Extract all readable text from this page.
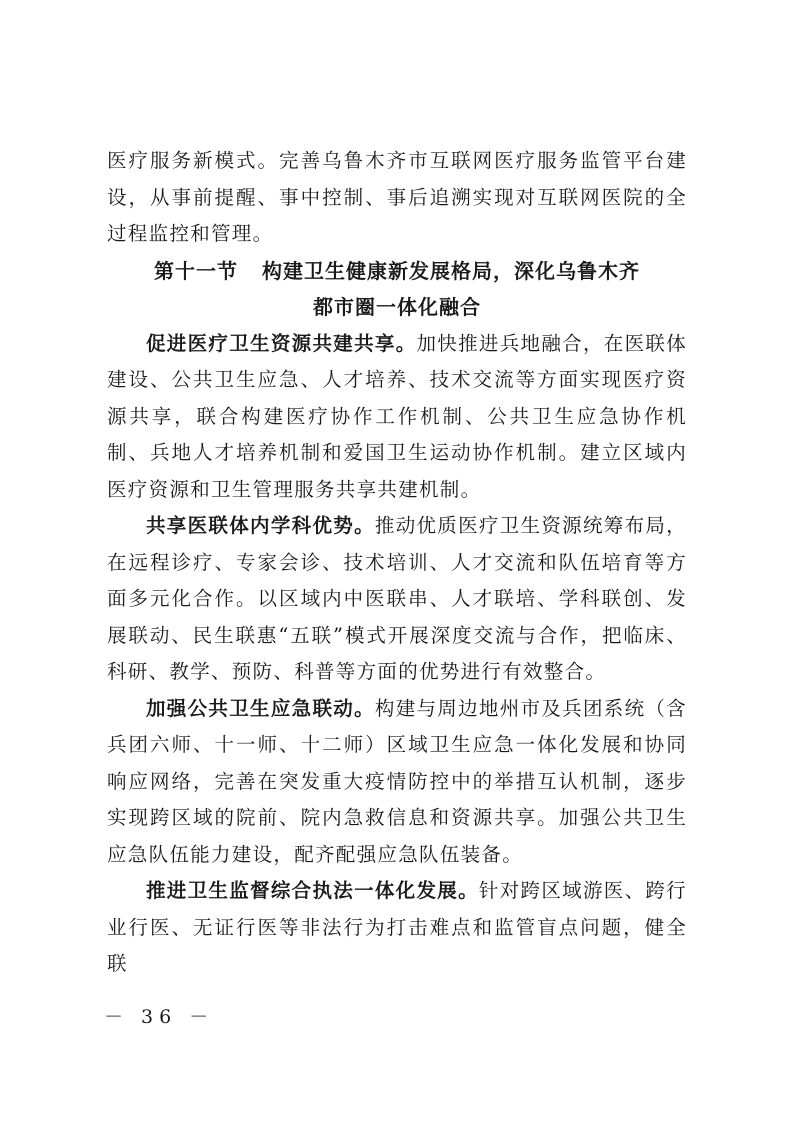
医疗服务新模式。完善乌鲁木齐市互联网医疗服务监管平台建设，从事前提醒、事中控制、事后追溯实现对互联网医院的全过程监控和管理。

第十一节 构建卫生健康新发展格局，深化乌鲁木齐

都市圈一体化融合

促进医疗卫生资源共建共享。加快推进兵地融合，在医联体建设、公共卫生应急、人才培养、技术交流等方面实现医疗资源共享，联合构建医疗协作工作机制、公共卫生应急协作机制、兵地人才培养机制和爱国卫生运动协作机制。建立区域内医疗资源和卫生管理服务共享共建机制。

共享医联体内学科优势。推动优质医疗卫生资源统筹布局，在远程诊疗、专家会诊、技术培训、人才交流和队伍培育等方面多元化合作。以区域内中医联串、人才联培、学科联创、发展联动、民生联惠“五联”模式开展深度交流与合作，把临床、科研、教学、预防、科普等方面的优势进行有效整合。

加强公共卫生应急联动。构建与周边地州市及兵团系统（含兵团六师、十一师、十二师）区域卫生应急一体化发展和协同响应网络，完善在突发重大疫情防控中的举措互认机制，逐步实现跨区域的院前、院内急救信息和资源共享。加强公共卫生应急队伍能力建设，配齐配强应急队伍装备。

推进卫生监督综合执法一体化发展。针对跨区域游医、跨行业行医、无证行医等非法行为打击难点和监管盲点问题，健全联

－ 36 －
